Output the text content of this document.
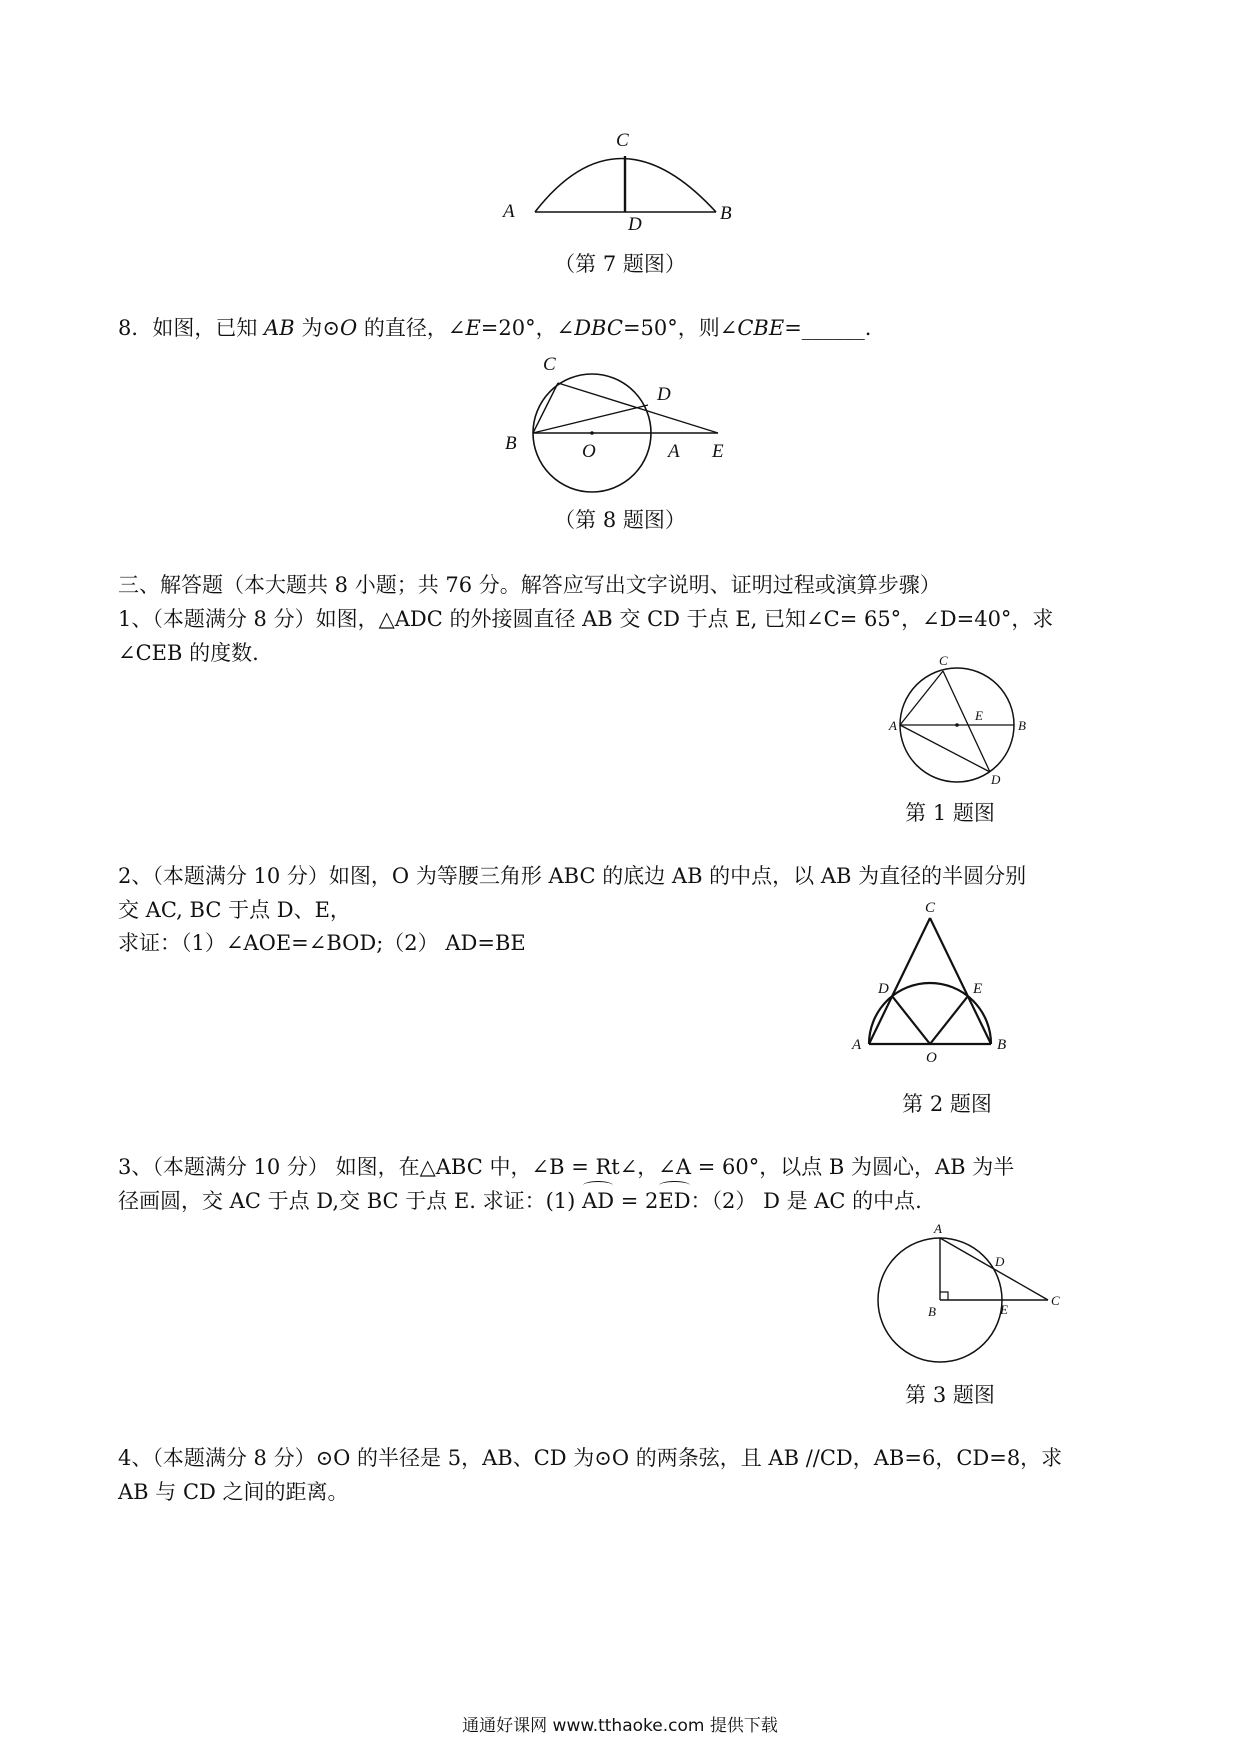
A	B
C
D
（第 7 题图）
8．如图，已知 AB 为⊙O 的直径，∠E=20°，∠DBC=50°，则∠CBE=______.
C
D
B	O	A E
（第 8 题图）
三、解答题（本大题共 8 小题；共 76 分。解答应写出文字说明、证明过程或演算步骤）
1、（本题满分 8 分）如图，△ADC 的外接圆直径 AB 交 CD 于点 E, 已知∠C= 65°，∠D=40°，求
∠CEB 的度数.	C
A	B
E
D
第 1 题图
2、（本题满分 10 分）如图，O 为等腰三角形 ABC 的底边 AB 的中点，以 AB 为直径的半圆分别
交 AC, BC 于点 D、E，
求证：（1）∠AOE=∠BOD;（2） AD=BE
C
D	E
A
O
B
第 2 题图
3、（本题满分 10 分） 如图，在△ABC 中，∠B = Rt∠，∠A = 60°，以点 B 为圆心，AB 为半
径画圆，交 AC 于点 D,交 BC 于点 E. 求证：(1) AD = 2ED：（2） D 是 AC 的中点.
A
D
B	E
C
第 3 题图
4、（本题满分 8 分）⊙O 的半径是 5，AB、CD 为⊙O 的两条弦，且 AB //CD，AB=6，CD=8，求
AB 与 CD 之间的距离。
通通好课网 www.tthaoke.com 提供下载
